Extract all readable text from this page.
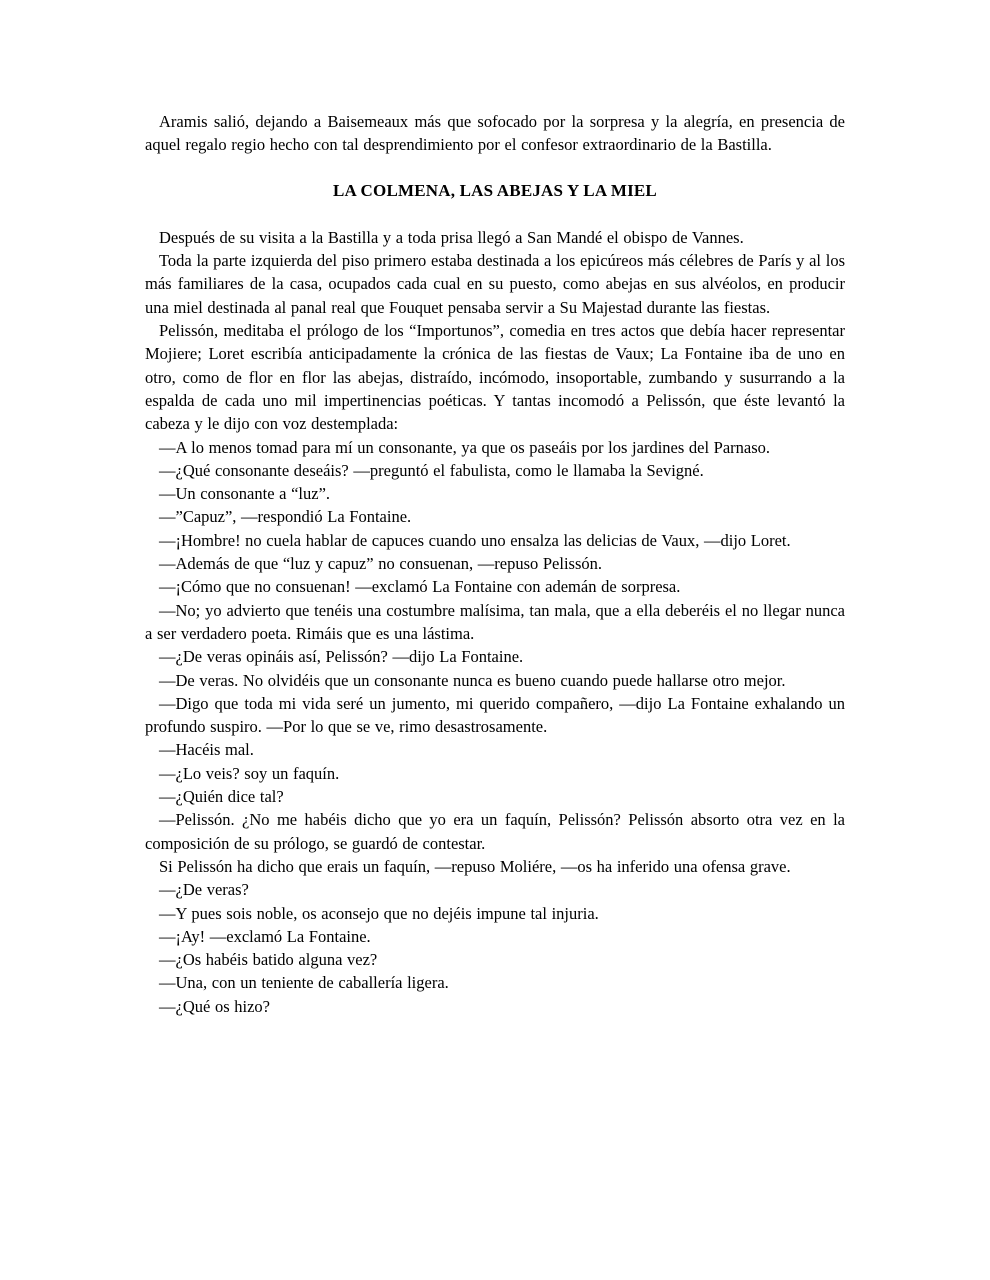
Aramis salió, dejando a Baisemeaux más que sofocado por la sorpresa y la alegría, en presencia de aquel regalo regio hecho con tal desprendimiento por el confesor extraordinario de la Bastilla.

LA COLMENA, LAS ABEJAS Y LA MIEL

Después de su visita a la Bastilla y a toda prisa llegó a San Mandé el obispo de Vannes.

Toda la parte izquierda del piso primero estaba destinada a los epicúreos más célebres de París y al los más familiares de la casa, ocupados cada cual en su puesto, como abejas en sus alvéolos, en producir una miel destinada al panal real que Fouquet pensaba servir a Su Majestad durante las fiestas.

Pelissón, meditaba el prólogo de los “Importunos”, comedia en tres actos que debía hacer representar Mojiere; Loret escribía anticipadamente la crónica de las fiestas de Vaux; La Fontaine iba de uno en otro, como de flor en flor las abejas, distraído, incómodo, insoportable, zumbando y susurrando a la espalda de cada uno mil impertinencias poéticas. Y tantas incomodó a Pelissón, que éste levantó la cabeza y le dijo con voz destemplada:

—A lo menos tomad para mí un consonante, ya que os paseáis por los jardines del Parnaso.

—¿Qué consonante deseáis? —preguntó el fabulista, como le llamaba la Sevigné.

—Un consonante a “luz”.

—”Capuz”, —respondió La Fontaine.

—¡Hombre! no cuela hablar de capuces cuando uno ensalza las delicias de Vaux, —dijo Loret.

—Además de que “luz y capuz” no consuenan, —repuso Pelissón.

—¡Cómo que no consuenan! —exclamó La Fontaine con ademán de sorpresa.

—No; yo advierto que tenéis una costumbre malísima, tan mala, que a ella deberéis el no llegar nunca a ser verdadero poeta. Rimáis que es una lástima.

—¿De veras opináis así, Pelissón? —dijo La Fontaine.

—De veras. No olvidéis que un consonante nunca es bueno cuando puede hallarse otro mejor.

—Digo que toda mi vida seré un jumento, mi querido compañero, —dijo La Fontaine exhalando un profundo suspiro. —Por lo que se ve, rimo desastrosamente.

—Hacéis mal.

—¿Lo veis? soy un faquín.

—¿Quién dice tal?

—Pelissón. ¿No me habéis dicho que yo era un faquín, Pelissón? Pelissón absorto otra vez en la composición de su prólogo, se guardó de contestar.

Si Pelissón ha dicho que erais un faquín, —repuso Moliére, —os ha inferido una ofensa grave.

—¿De veras?

—Y pues sois noble, os aconsejo que no dejéis impune tal injuria.

—¡Ay! —exclamó La Fontaine.

—¿Os habéis batido alguna vez?

—Una, con un teniente de caballería ligera.

—¿Qué os hizo?
